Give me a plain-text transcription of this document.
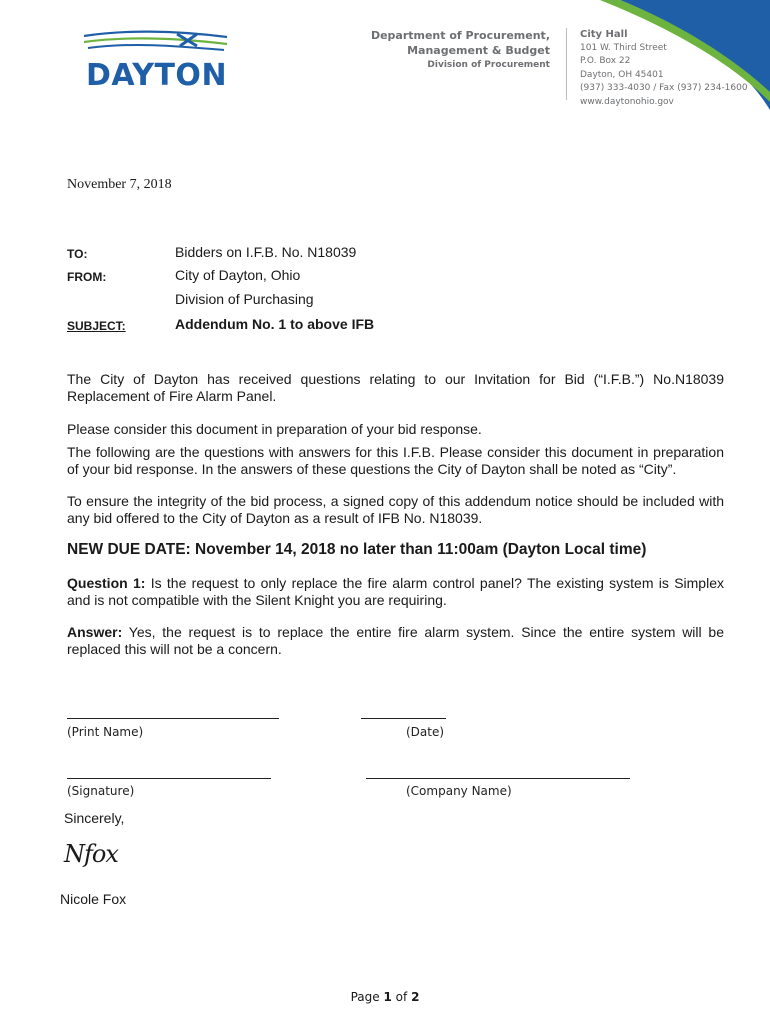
DAYTON
Department of Procurement,
Management & Budget
Division of Procurement
City Hall
101 W. Third Street
P.O. Box 22
Dayton, OH 45401
(937) 333-4030 / Fax (937) 234-1600
www.daytonohio.gov
November 7, 2018
TO:	Bidders on I.F.B. No. N18039
FROM:	City of Dayton, Ohio
Division of Purchasing
SUBJECT:	Addendum No. 1 to above IFB
The City of Dayton has received questions relating to our Invitation for Bid (“I.F.B.”) No.N18039 Replacement of Fire Alarm Panel.
Please consider this document in preparation of your bid response.
The following are the questions with answers for this I.F.B. Please consider this document in preparation of your bid response. In the answers of these questions the City of Dayton shall be noted as “City”.
To ensure the integrity of the bid process, a signed copy of this addendum notice should be included with any bid offered to the City of Dayton as a result of IFB No. N18039.
NEW DUE DATE: November 14, 2018 no later than 11:00am (Dayton Local time)
Question 1: Is the request to only replace the fire alarm control panel? The existing system is Simplex and is not compatible with the Silent Knight you are requiring.
Answer: Yes, the request is to replace the entire fire alarm system. Since the entire system will be replaced this will not be a concern.
(Print Name)	(Date)
(Signature)	(Company Name)
Sincerely,
Nfox
Nicole Fox
Page 1 of 2
